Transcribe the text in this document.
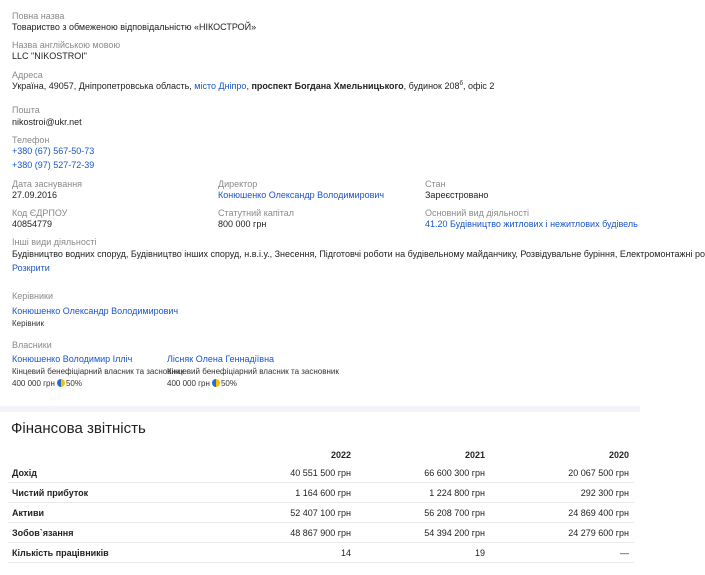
Повна назва
Товариство з обмеженою відповідальністю «НІКОСТРОЙ»
Назва англійською мовою
LLC "NIKOSTROI"
Адреса
Україна, 49057, Дніпропетровська область, місто Дніпро, проспект Богдана Хмельницького, будинок $208^б$, офіс 2
Пошта
nikostroi@ukr.net
Телефон
+380 (67) 567-50-73
+380 (97) 527-72-39
Дата заснування
27.09.2016
Директор
Конюшенко Олександр Володимирович
Стан
Зареєстровано
Код ЄДРПОУ
40854779
Статутний капітал
800 000 грн
Основний вид діяльності
41.20 Будівництво житлових і нежитлових будівель
Інші види діяльності
Будівництво водних споруд, Будівництво інших споруд, н.в.і.у., Знесення, Підготовчі роботи на будівельному майданчику, Розвідувальне буріння, Електромонтажні ро
Розкрити
Керівники
Конюшенко Олександр Володимирович
Керівник
Власники
Конюшенко Володимир Ілліч
Кінцевий бенефіціарний власник та засновник
400 000 грн 50%
Лісняк Олена Геннадіївна
Кінцевий бенефіціарний власник та засновник
400 000 грн 50%
Фінансова звітність
2022	2021	2020
Дохід	40 551 500 грн	66 600 300 грн	20 067 500 грн
Чистий прибуток	1 164 600 грн	1 224 800 грн	292 300 грн
Активи	52 407 100 грн	56 208 700 грн	24 869 400 грн
Зобов`язання	48 867 900 грн	54 394 200 грн	24 279 600 грн
Кількість працівників	14	19	—
